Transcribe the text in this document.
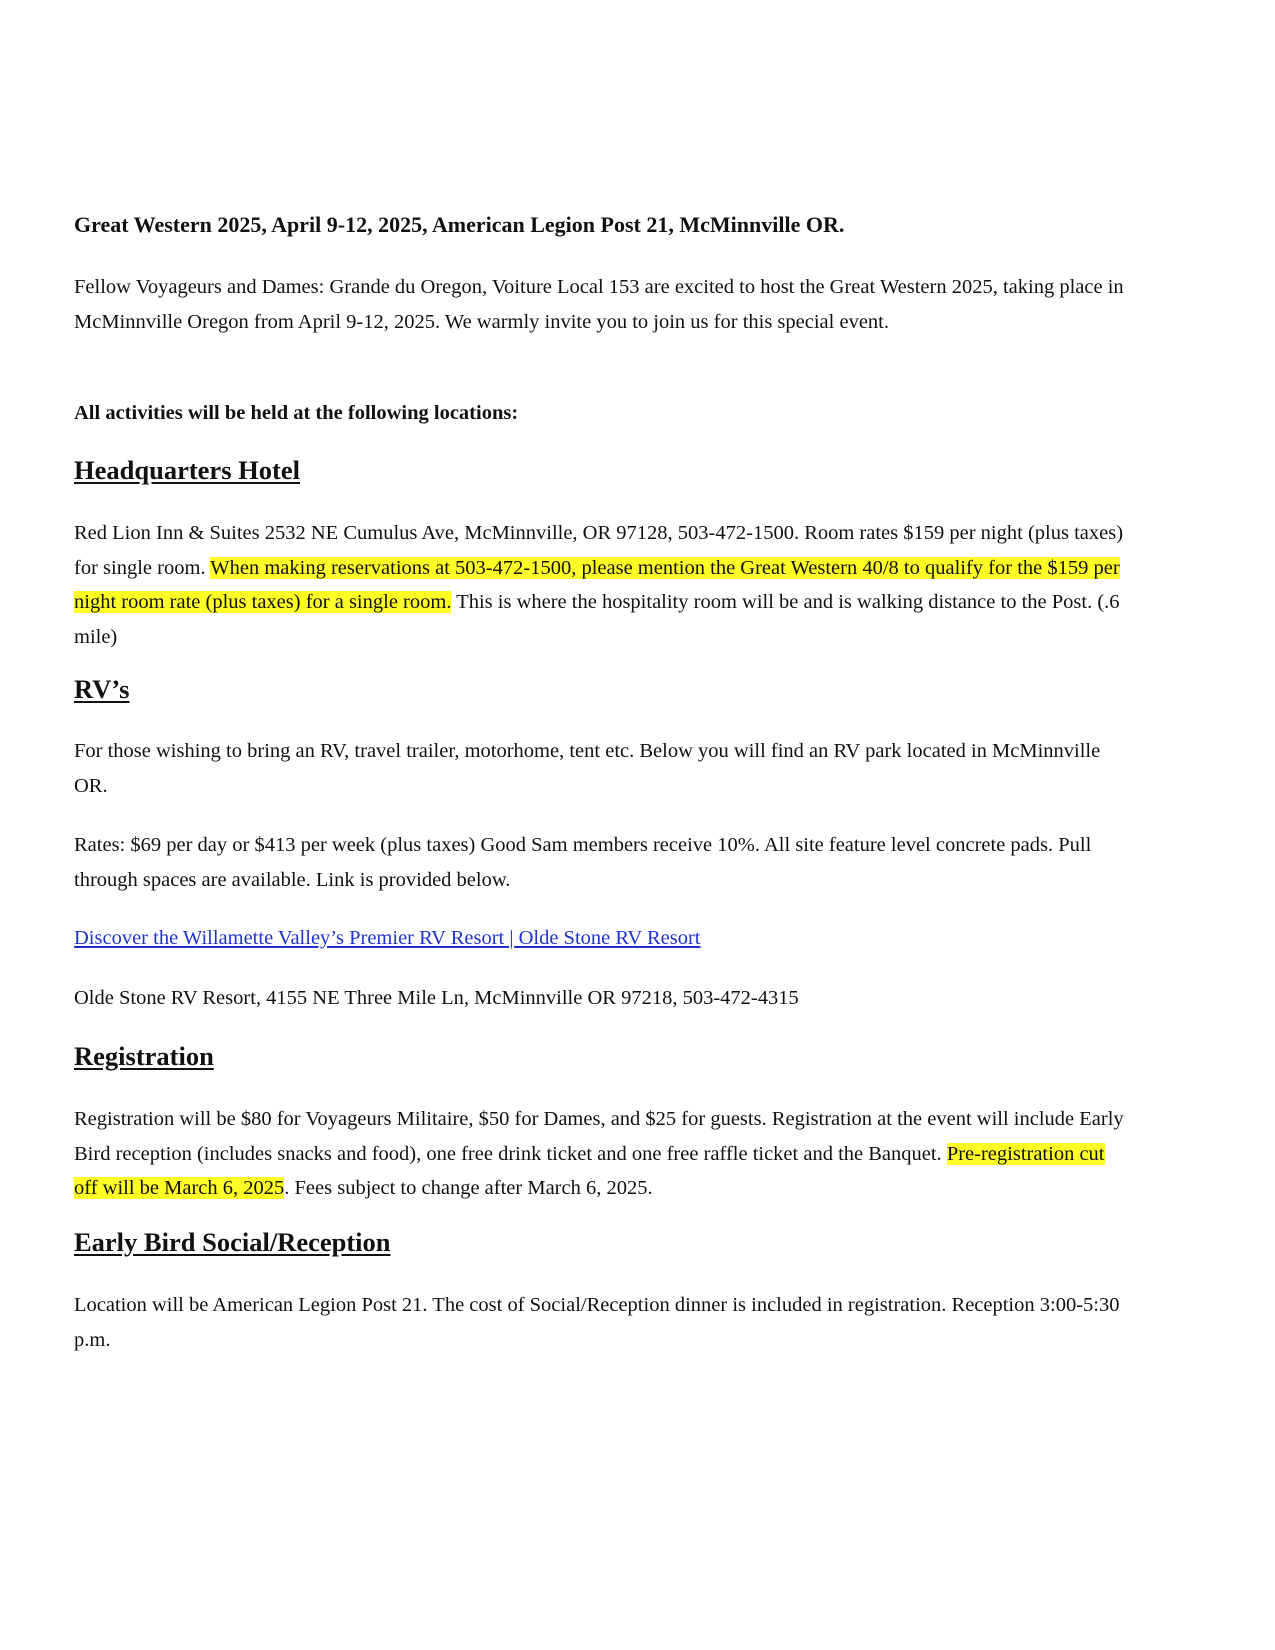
Great Western 2025, April 9-12, 2025, American Legion Post 21, McMinnville OR.

Fellow Voyageurs and Dames: Grande du Oregon, Voiture Local 153 are excited to host the Great Western 2025, taking place in McMinnville Oregon from April 9-12, 2025. We warmly invite you to join us for this special event.

All activities will be held at the following locations:

Headquarters Hotel

Red Lion Inn & Suites 2532 NE Cumulus Ave, McMinnville, OR 97128, 503-472-1500. Room rates $159 per night (plus taxes) for single room. When making reservations at 503-472-1500, please mention the Great Western 40/8 to qualify for the $159 per night room rate (plus taxes) for a single room. This is where the hospitality room will be and is walking distance to the Post. (.6 mile)

RV’s

For those wishing to bring an RV, travel trailer, motorhome, tent etc. Below you will find an RV park located in McMinnville OR.

Rates: $69 per day or $413 per week (plus taxes) Good Sam members receive 10%. All site feature level concrete pads. Pull through spaces are available. Link is provided below.

Discover the Willamette Valley’s Premier RV Resort | Olde Stone RV Resort

Olde Stone RV Resort, 4155 NE Three Mile Ln, McMinnville OR 97218, 503-472-4315

Registration

Registration will be $80 for Voyageurs Militaire, $50 for Dames, and $25 for guests. Registration at the event will include Early Bird reception (includes snacks and food), one free drink ticket and one free raffle ticket and the Banquet. Pre-registration cut off will be March 6, 2025. Fees subject to change after March 6, 2025.

Early Bird Social/Reception

Location will be American Legion Post 21. The cost of Social/Reception dinner is included in registration. Reception 3:00-5:30 p.m.
